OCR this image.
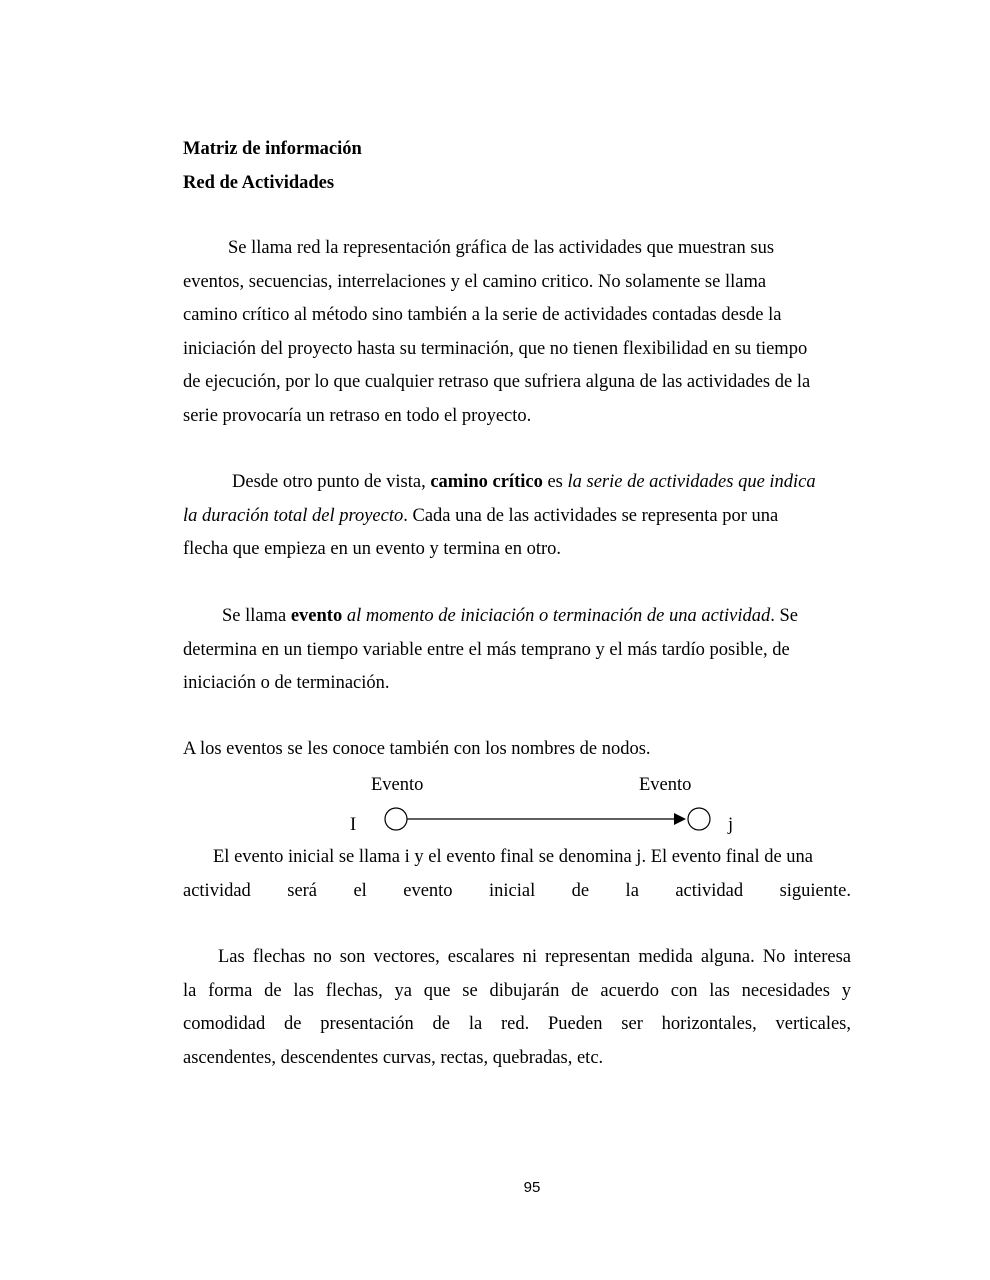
Matriz de información
Red de Actividades
Se llama red la representación gráfica de las actividades que muestran sus
eventos, secuencias, interrelaciones y el camino critico. No solamente se llama
camino crítico al método sino también a la serie de actividades contadas desde la
iniciación del proyecto hasta su terminación, que no tienen flexibilidad en su tiempo
de ejecución, por lo que cualquier retraso que sufriera alguna de las actividades de la
serie provocaría un retraso en todo el proyecto.
Desde otro punto de vista, camino crítico es la serie de actividades que indica
la duración total del proyecto. Cada una de las actividades se representa por una
flecha que empieza en un evento y termina en otro.
Se llama evento al momento de iniciación o terminación de una actividad. Se
determina en un tiempo variable entre el más temprano y el más tardío posible, de
iniciación o de terminación.
A los eventos se les conoce también con los nombres de nodos.
Evento	Evento
I	j
El evento inicial se llama i y el evento final se denomina j. El evento final de una
actividad será el evento inicial de la actividad siguiente.
Las flechas no son vectores, escalares ni representan medida alguna. No interesa
la forma de las flechas, ya que se dibujarán de acuerdo con las necesidades y
comodidad de presentación de la red. Pueden ser horizontales, verticales,
ascendentes, descendentes curvas, rectas, quebradas, etc.
95
